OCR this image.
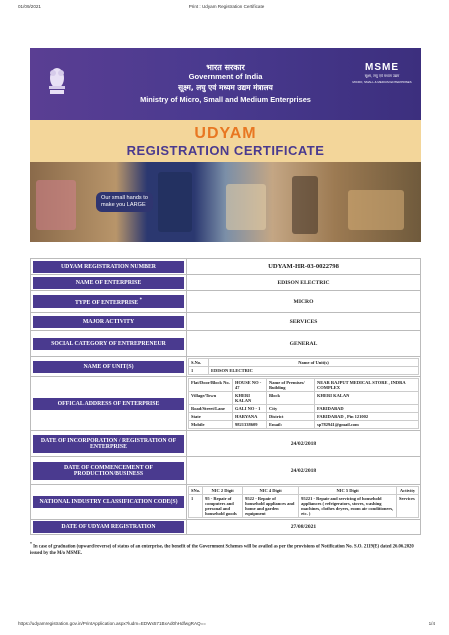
01/09/2021	Print : Udyam Registration Certificate
भारत सरकार
Government of India
सूक्ष्म, लघु एवं मध्यम उद्यम मंत्रालय
Ministry of Micro, Small and Medium Enterprises
MSME
सूक्ष्म, लघु एवं मध्यम उद्यम
MICRO, SMALL & MEDIUM ENTERPRISES
UDYAM
REGISTRATION CERTIFICATE
Our small hands to
make you LARGE
UDYAM REGISTRATION NUMBER	UDYAM-HR-03-0022798

NAME OF ENTERPRISE	EDISON ELECTRIC

TYPE OF ENTERPRISE *	MICRO

MAJOR ACTIVITY	SERVICES

SOCIAL CATEGORY OF ENTREPRENEUR	GENERAL

NAME OF UNIT(S)

S.No.	Name of Unit(s)
1	EDISON ELECTRIC

OFFICAL ADDRESS OF ENTERPRISE

Flat/Door/Block No.	HOUSE NO - 47	Name of Premises/ Building	NEAR RAJPUT MEDICAL STORE , INDRA COMPLEX
Village/Town	KHERI KALAN	Block	KHERI KALAN
Road/Street/Lane	GALI NO - 1	City	FARIDABAD
State	HARYANA	District	FARIDABAD , Pin 121002
Mobile	9821338609	Email:	sp782941@gmail.com

DATE OF INCORPORATION / REGISTRATION OF ENTERPRISE	24/02/2018

DATE OF COMMENCEMENT OF PRODUCTION/BUSINESS	24/02/2018

NATIONAL INDUSTRY CLASSIFICATION CODE(S)

SNo.	NIC 2 Digit	NIC 4 Digit	NIC 5 Digit	Activity
1	95 - Repair of computers and personal and household goods	9522 - Repair of household appliances and home and garden equipment	95221 - Repair and servicing of household appliances ( refrigerators, stoves, washing machines, clothes dryers, room air conditioners, etc. )	Services

DATE OF UDYAM REGISTRATION	27/08/2021
* In case of graduation (upward/reverse) of status of an enterprise, the benefit of the Government Schemes will be availed as per the provisions of Notification No. S.O. 2119(E) dated 26.06.2020 issued by the M/o MSME.
https://udyamregistration.gov.in/PrintApplication.aspx?ludm=EDWx571BxAd0hHdfwgRAQ==	1/4
